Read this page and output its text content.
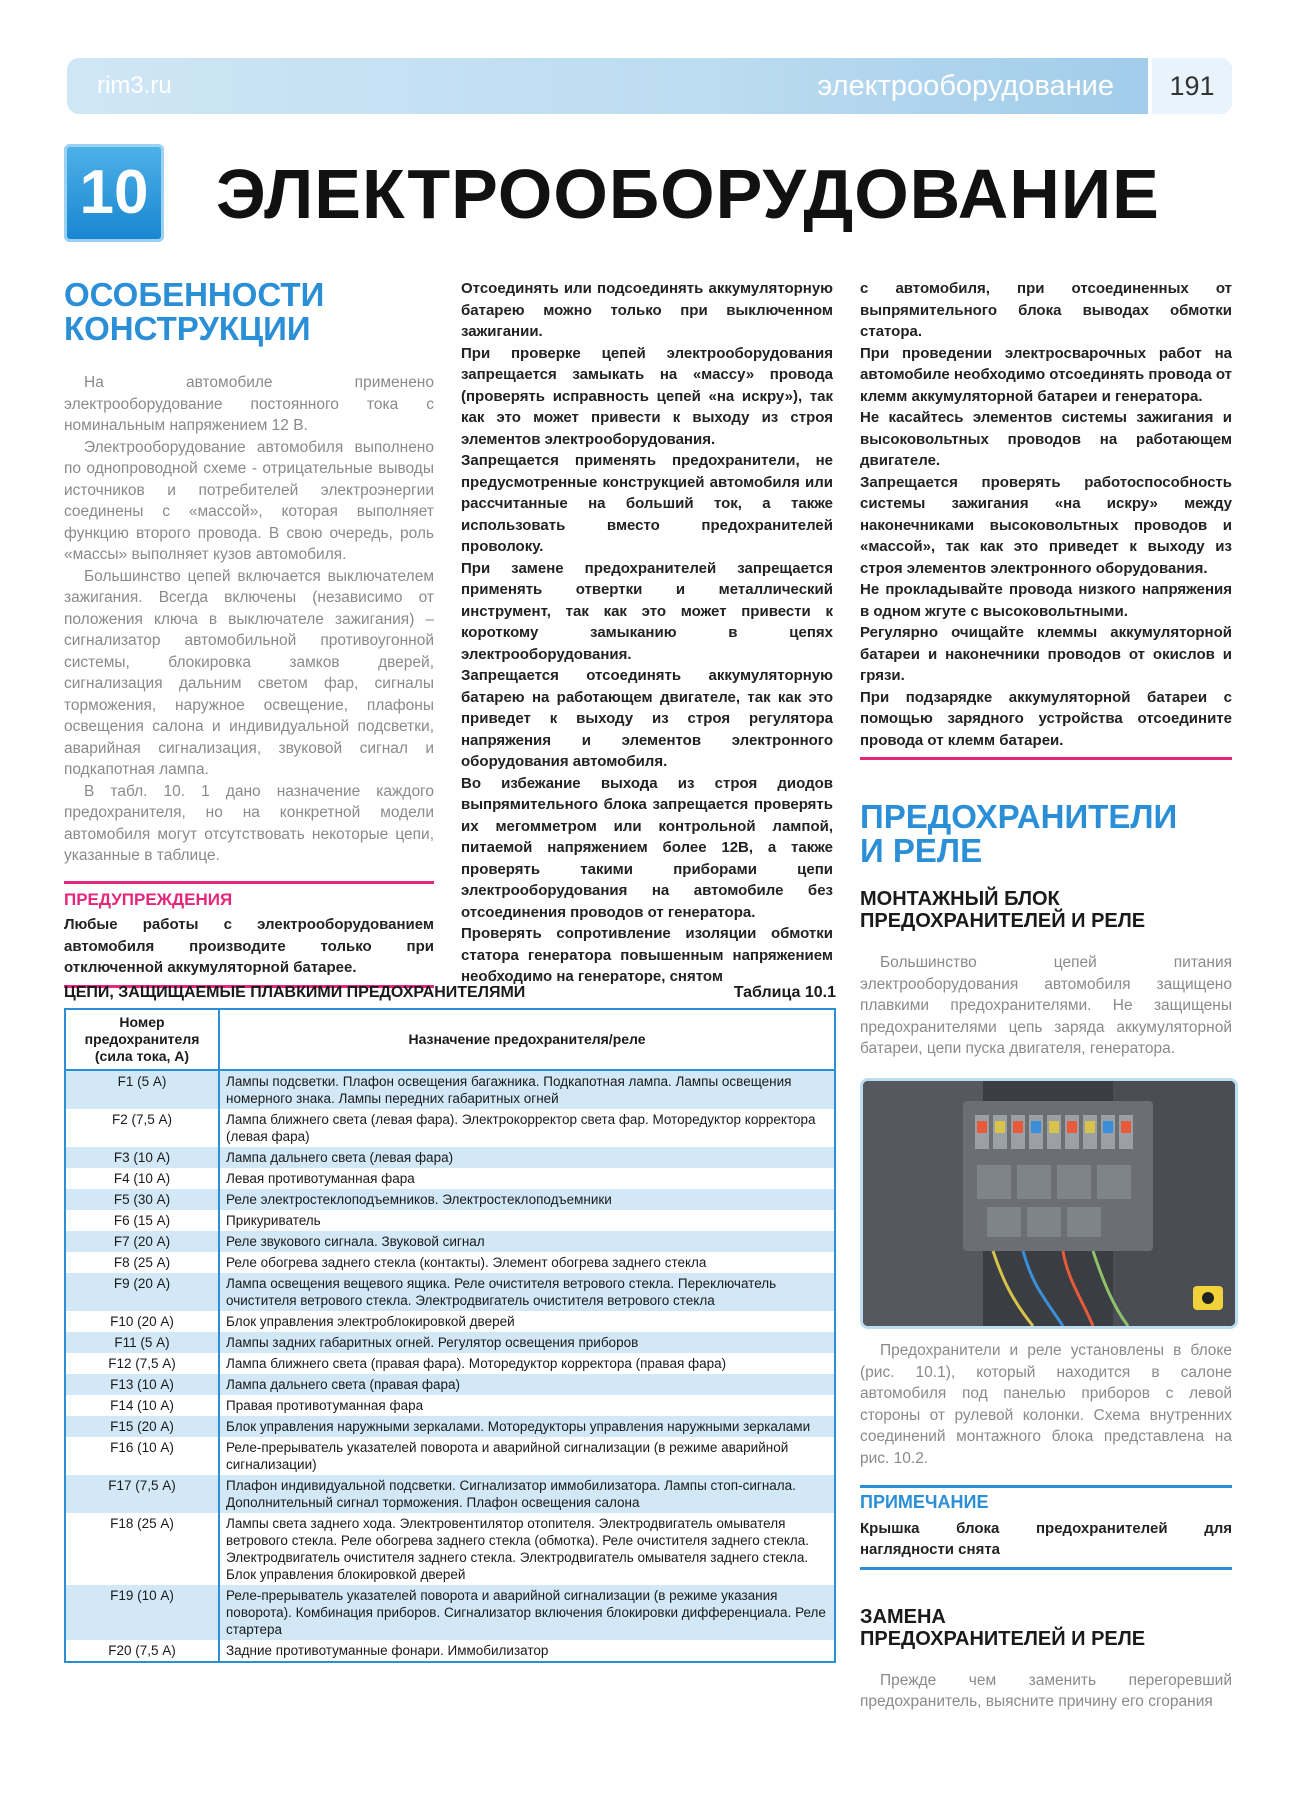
rim3.ru	электрооборудование	191
10 ЭЛЕКТРООБОРУДОВАНИЕ
ОСОБЕННОСТИ
КОНСТРУКЦИИ

На автомобиле применено электрооборудование постоянного тока с номинальным напряжением 12 В.

Электрооборудование автомобиля выполнено по однопроводной схеме - отрицательные выводы источников и потребителей электроэнергии соединены с «массой», которая выполняет функцию второго провода. В свою очередь, роль «массы» выполняет кузов автомобиля.

Большинство цепей включается выключателем зажигания. Всегда включены (независимо от положения ключа в выключателе зажигания) – сигнализатор автомобильной противоугонной системы, блокировка замков дверей, сигнализация дальним светом фар, сигналы торможения, наружное освещение, плафоны освещения салона и индивидуальной подсветки, аварийная сигнализация, звуковой сигнал и подкапотная лампа.

В табл. 10. 1 дано назначение каждого предохранителя, но на конкретной модели автомобиля могут отсутствовать некоторые цепи, указанные в таблице.

ПРЕДУПРЕЖДЕНИЯ

Любые работы с электрооборудованием автомобиля производите только при отключенной аккумуляторной батарее.

Отсоединять или подсоединять аккумуляторную батарею можно только при выключенном зажигании.

При проверке цепей электрооборудования запрещается замыкать на «массу» провода (проверять исправность цепей «на искру»), так как это может привести к выходу из строя элементов электрооборудования.

Запрещается применять предохранители, не предусмотренные конструкцией автомобиля или рассчитанные на больший ток, а также использовать вместо предохранителей проволоку.

При замене предохранителей запрещается применять отвертки и металлический инструмент, так как это может привести к короткому замыканию в цепях электрооборудования.

Запрещается отсоединять аккумуляторную батарею на работающем двигателе, так как это приведет к выходу из строя регулятора напряжения и элементов электронного оборудования автомобиля.

Во избежание выхода из строя диодов выпрямительного блока запрещается проверять их мегомметром или контрольной лампой, питаемой напряжением более 12В, а также проверять такими приборами цепи электрооборудования на автомобиле без отсоединения проводов от генератора.

Проверять сопротивление изоляции обмотки статора генератора повышенным напряжением необходимо на генераторе, снятом

с автомобиля, при отсоединенных от выпрямительного блока выводах обмотки статора.

При проведении электросварочных работ на автомобиле необходимо отсоединять провода от клемм аккумуляторной батареи и генератора.

Не касайтесь элементов системы зажигания и высоковольтных проводов на работающем двигателе.

Запрещается проверять работоспособность системы зажигания «на искру» между наконечниками высоковольтных проводов и «массой», так как это приведет к выходу из строя элементов электронного оборудования.

Не прокладывайте провода низкого напряжения в одном жгуте с высоковольтными.

Регулярно очищайте клеммы аккумуляторной батареи и наконечники проводов от окислов и грязи.

При подзарядке аккумуляторной батареи с помощью зарядного устройства отсоедините провода от клемм батареи.

ПРЕДОХРАНИТЕЛИ
И РЕЛЕ
МОНТАЖНЫЙ БЛОК
ПРЕДОХРАНИТЕЛЕЙ И РЕЛЕ

Большинство цепей питания электрооборудования автомобиля защищено плавкими предохранителями. Не защищены предохранителями цепь заряда аккумуляторной батареи, цепи пуска двигателя, генератора.

Предохранители и реле установлены в блоке (рис. 10.1), который находится в салоне автомобиля под панелью приборов с левой стороны от рулевой колонки. Схема внутренних соединений монтажного блока представлена на рис. 10.2.

ПРИМЕЧАНИЕ

Крышка блока предохранителей для наглядности снята

ЗАМЕНА
ПРЕДОХРАНИТЕЛЕЙ И РЕЛЕ

Прежде чем заменить перегоревший предохранитель, выясните причину его сгорания

ЦЕПИ, ЗАЩИЩАЕМЫЕ ПЛАВКИМИ ПРЕДОХРАНИТЕЛЯМИ	Таблица 10.1
Номер предохранителя (сила тока, А)	Назначение предохранителя/реле
F1 (5 А)	Лампы подсветки. Плафон освещения багажника. Подкапотная лампа. Лампы освещения номерного знака. Лампы передних габаритных огней
F2 (7,5 А)	Лампа ближнего света (левая фара). Электрокорректор света фар. Моторедуктор корректора (левая фара)
F3 (10 А)	Лампа дальнего света (левая фара)
F4 (10 А)	Левая противотуманная фара
F5 (30 А)	Реле электростеклоподъемников. Электростеклоподъемники
F6 (15 А)	Прикуриватель
F7 (20 А)	Реле звукового сигнала. Звуковой сигнал
F8 (25 А)	Реле обогрева заднего стекла (контакты). Элемент обогрева заднего стекла
F9 (20 А)	Лампа освещения вещевого ящика. Реле очистителя ветрового стекла. Переключатель очистителя ветрового стекла. Электродвигатель очистителя ветрового стекла
F10 (20 А)	Блок управления электроблокировкой дверей
F11 (5 А)	Лампы задних габаритных огней. Регулятор освещения приборов
F12 (7,5 А)	Лампа ближнего света (правая фара). Моторедуктор корректора (правая фара)
F13 (10 А)	Лампа дальнего света (правая фара)
F14 (10 А)	Правая противотуманная фара
F15 (20 А)	Блок управления наружными зеркалами. Моторедукторы управления наружными зеркалами
F16 (10 А)	Реле-прерыватель указателей поворота и аварийной сигнализации (в режиме аварийной сигнализации)
F17 (7,5 А)	Плафон индивидуальной подсветки. Сигнализатор иммобилизатора. Лампы стоп-сигнала. Дополнительный сигнал торможения. Плафон освещения салона
F18 (25 А)	Лампы света заднего хода. Электровентилятор отопителя. Электродвигатель омывателя ветрового стекла. Реле обогрева заднего стекла (обмотка). Реле очистителя заднего стекла. Электродвигатель очистителя заднего стекла. Электродвигатель омывателя заднего стекла. Блок управления блокировкой дверей
F19 (10 А)	Реле-прерыватель указателей поворота и аварийной сигнализации (в режиме указания поворота). Комбинация приборов. Сигнализатор включения блокировки дифференциала. Реле стартера
F20 (7,5 А)	Задние противотуманные фонари. Иммобилизатор
